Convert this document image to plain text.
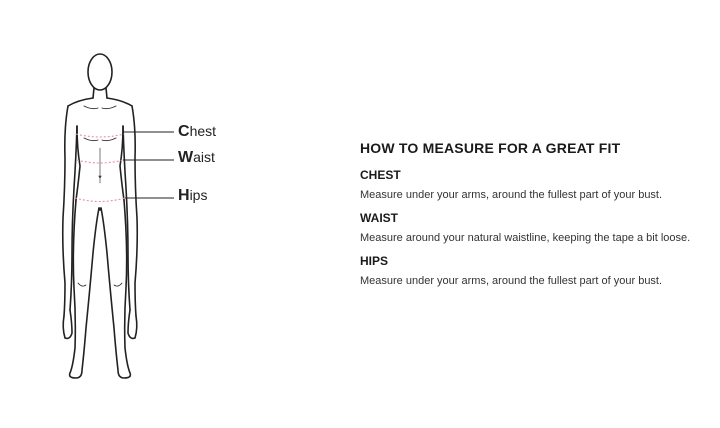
Chest
Waist
Hips
HOW TO MEASURE FOR A GREAT FIT
CHEST
Measure under your arms, around the fullest part of your bust.
WAIST
Measure around your natural waistline, keeping the tape a bit loose.
HIPS
Measure under your arms, around the fullest part of your bust.
